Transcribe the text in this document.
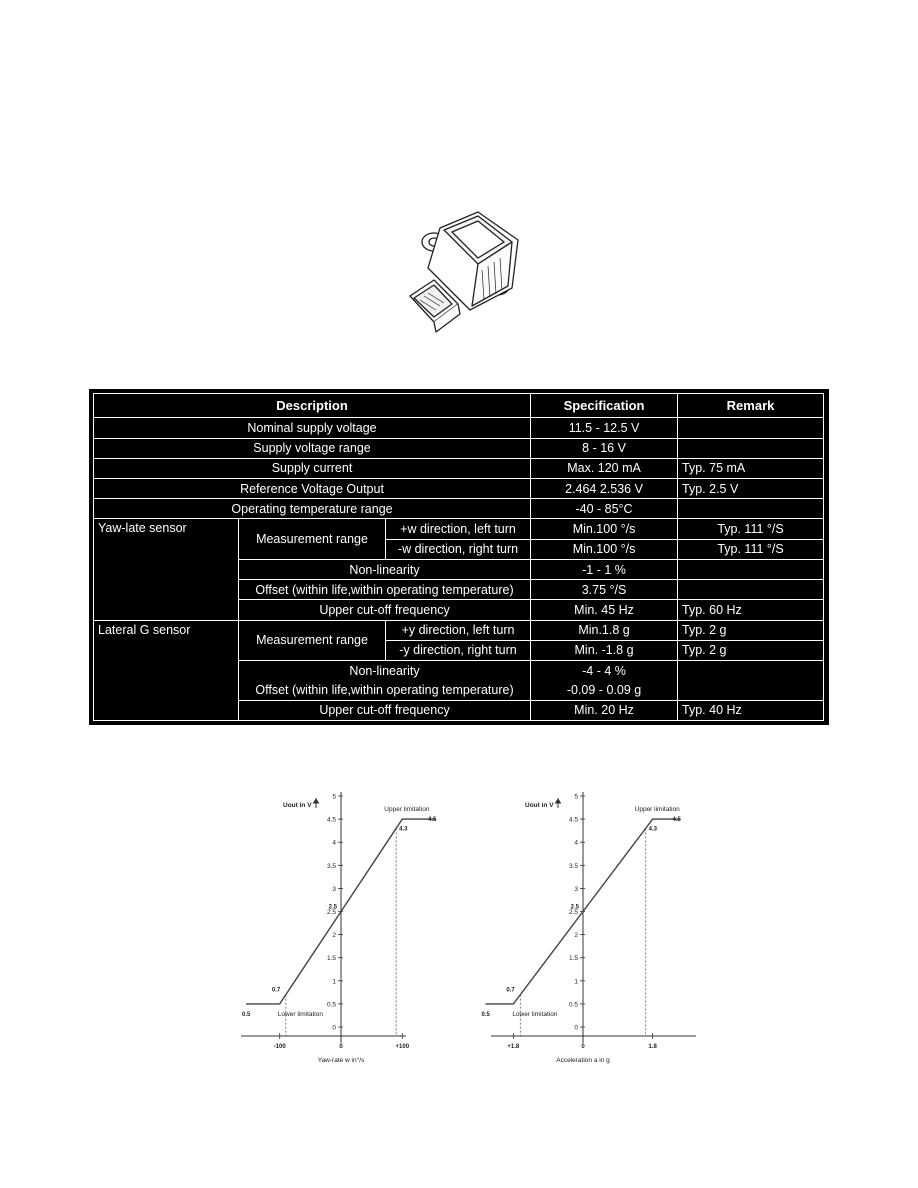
Description			Specification	Remark
Nominal supply voltage			11.5 - 12.5 V	
Supply voltage range			8 - 16 V	
Supply current			Max. 120 mA	Typ. 75 mA
Reference Voltage Output			2.464 2.536 V	Typ. 2.5 V
Operating temperature range			-40 - 85°C	
Yaw-late sensor	Measurement range	+w direction, left turn	Min.100 °/s	Typ. 111 °/S
		-w direction, right turn	Min.100 °/s	Typ. 111 °/S
	Non-linearity		-1 - 1 %	
	Offset (within life,within operating temperature)		3.75 °/S	
	Upper cut-off frequency		Min. 45 Hz	Typ. 60 Hz
Lateral G sensor	Measurement range	+y direction, left turn	Min.1.8 g	Typ. 2 g
		-y direction, right turn	Min. -1.8 g	Typ. 2 g
	Non-linearity		-4 - 4 %	
	Offset (within life,within operating temperature)		-0.09 - 0.09 g	
	Upper cut-off frequency		Min. 20 Hz	Typ. 40 Hz
0
0.5
1
1.5
2
2.5
3
3.5
4
4.5
5
Uout in V
-100	0	+100
Yaw-rate w in°/s
Upper limitation
4.5
4.3
0.7
0.5	Lower limitation
2.5
0
0.5
1
1.5
2
2.5
3
3.5
4
4.5
5
Uout in V
+1.8	0	1.8
Acceleration a in g
Upper limitation
4.5
4.3
0.7
0.5	Lower limitation
2.5
